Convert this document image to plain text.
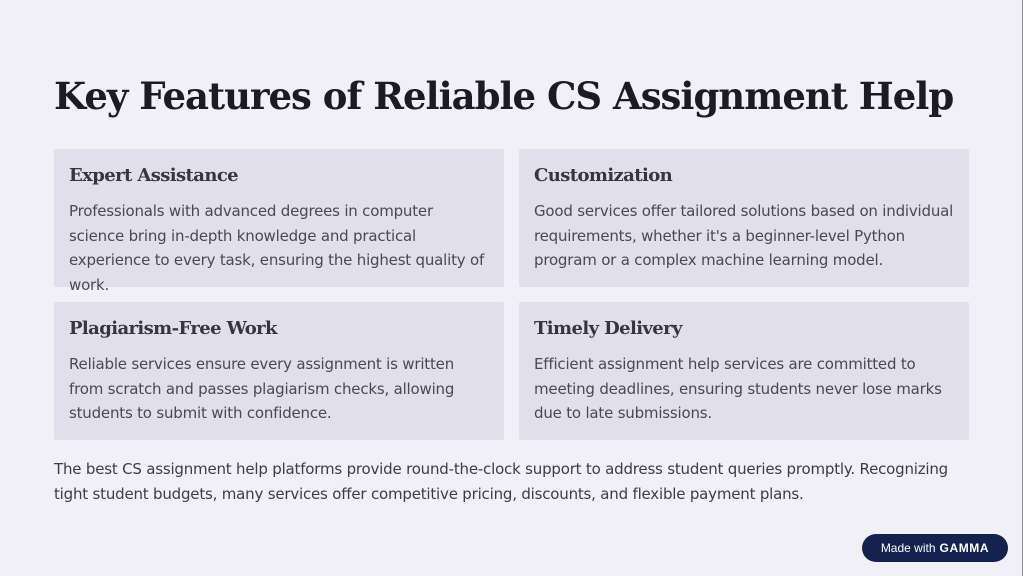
Key Features of Reliable CS Assignment Help
Expert Assistance

Professionals with advanced degrees in computer science bring in-depth knowledge and practical experience to every task, ensuring the highest quality of work.

Customization

Good services offer tailored solutions based on individual requirements, whether it's a beginner-level Python program or a complex machine learning model.

Plagiarism-Free Work

Reliable services ensure every assignment is written from scratch and passes plagiarism checks, allowing students to submit with confidence.

Timely Delivery

Efficient assignment help services are committed to meeting deadlines, ensuring students never lose marks due to late submissions.

The best CS assignment help platforms provide round-the-clock support to address student queries promptly. Recognizing tight student budgets, many services offer competitive pricing, discounts, and flexible payment plans.

Made with GAMMA
